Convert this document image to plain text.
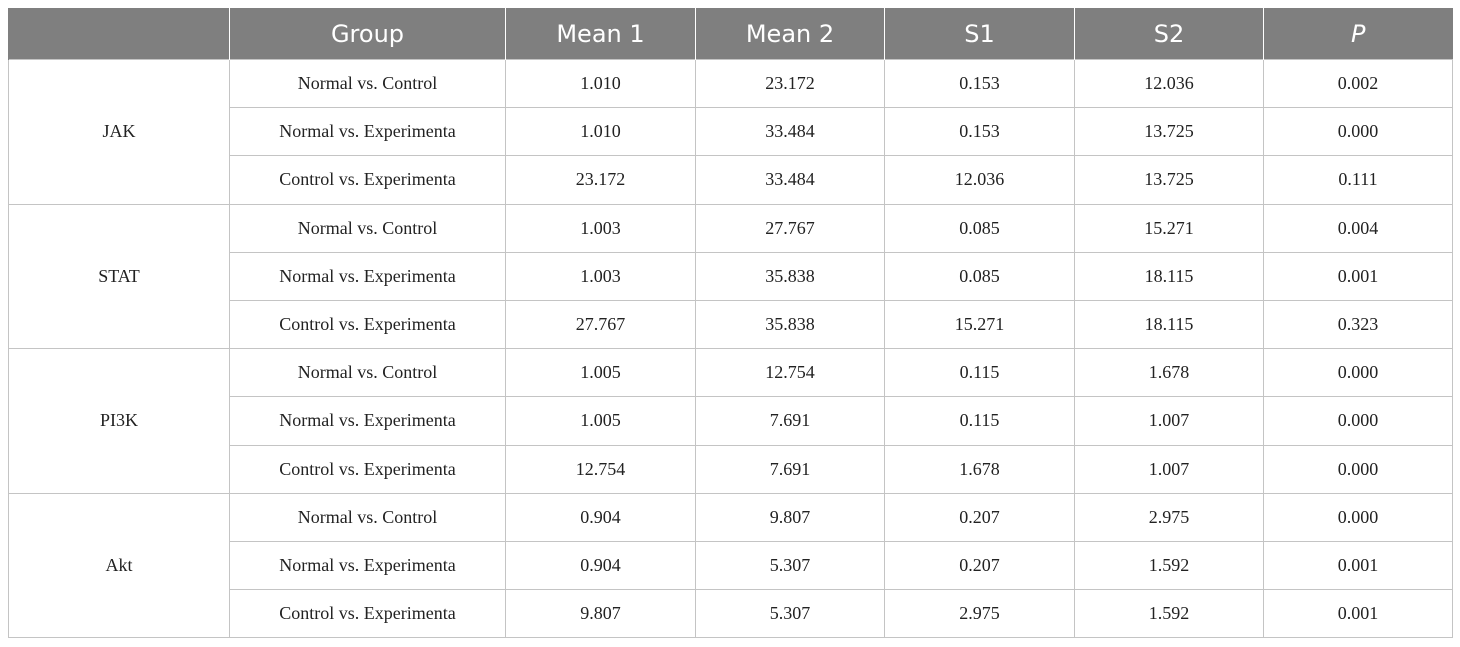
	Group	Mean 1	Mean 2	S1	S2	P
JAK	Normal vs. Control	1.010	23.172	0.153	12.036	0.002
	Normal vs. Experimenta	1.010	33.484	0.153	13.725	0.000
	Control vs. Experimenta	23.172	33.484	12.036	13.725	0.111
STAT	Normal vs. Control	1.003	27.767	0.085	15.271	0.004
	Normal vs. Experimenta	1.003	35.838	0.085	18.115	0.001
	Control vs. Experimenta	27.767	35.838	15.271	18.115	0.323
PI3K	Normal vs. Control	1.005	12.754	0.115	1.678	0.000
	Normal vs. Experimenta	1.005	7.691	0.115	1.007	0.000
	Control vs. Experimenta	12.754	7.691	1.678	1.007	0.000
Akt	Normal vs. Control	0.904	9.807	0.207	2.975	0.000
	Normal vs. Experimenta	0.904	5.307	0.207	1.592	0.001
	Control vs. Experimenta	9.807	5.307	2.975	1.592	0.001
